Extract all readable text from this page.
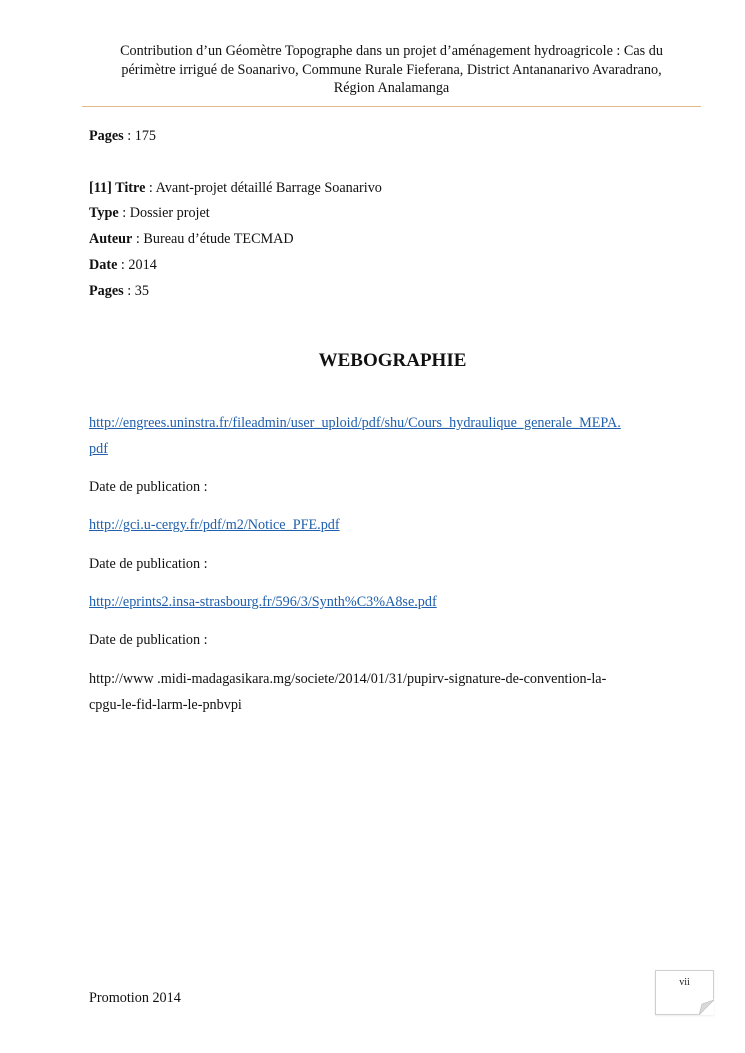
Contribution d’un Géomètre Topographe dans un projet d’aménagement hydroagricole : Cas du
périmètre irrigué de Soanarivo, Commune Rurale Fieferana, District Antananarivo Avaradrano,
Région Analamanga
Pages : 175
[11] Titre : Avant-projet détaillé Barrage Soanarivo
Type : Dossier projet
Auteur : Bureau d’étude TECMAD
Date : 2014
Pages : 35
WEBOGRAPHIE
http://engrees.uninstra.fr/fileadmin/user_uploid/pdf/shu/Cours_hydraulique_generale_MEPA.
pdf
Date de publication :
http://gci.u-cergy.fr/pdf/m2/Notice_PFE.pdf
Date de publication :
http://eprints2.insa-strasbourg.fr/596/3/Synth%C3%A8se.pdf
Date de publication :
http://www .midi-madagasikara.mg/societe/2014/01/31/pupirv-signature-de-convention-la-
cpgu-le-fid-larm-le-pnbvpi
vii
Promotion 2014
